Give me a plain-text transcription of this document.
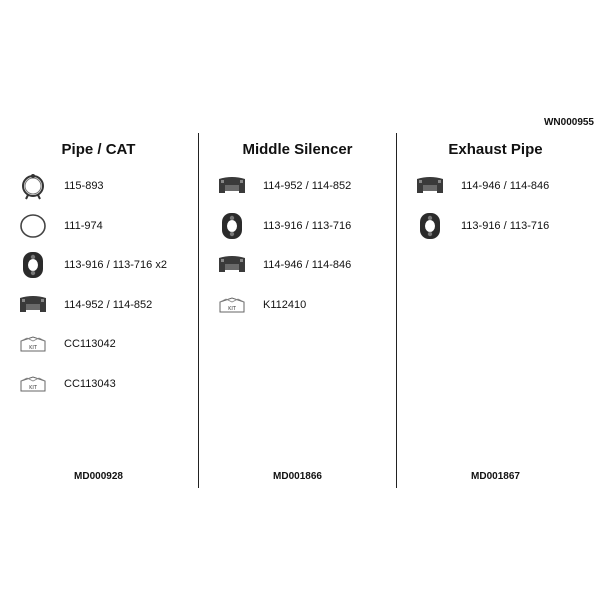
WN000955
Pipe / CAT
115-893
111-974
113-916 / 113-716 x2
114-952 / 114-852
KIT CC113042
KIT CC113043
MD000928
Middle Silencer
114-952 / 114-852
113-916 / 113-716
114-946 / 114-846
KIT K112410
MD001866
Exhaust Pipe
114-946 / 114-846
113-916 / 113-716
MD001867
